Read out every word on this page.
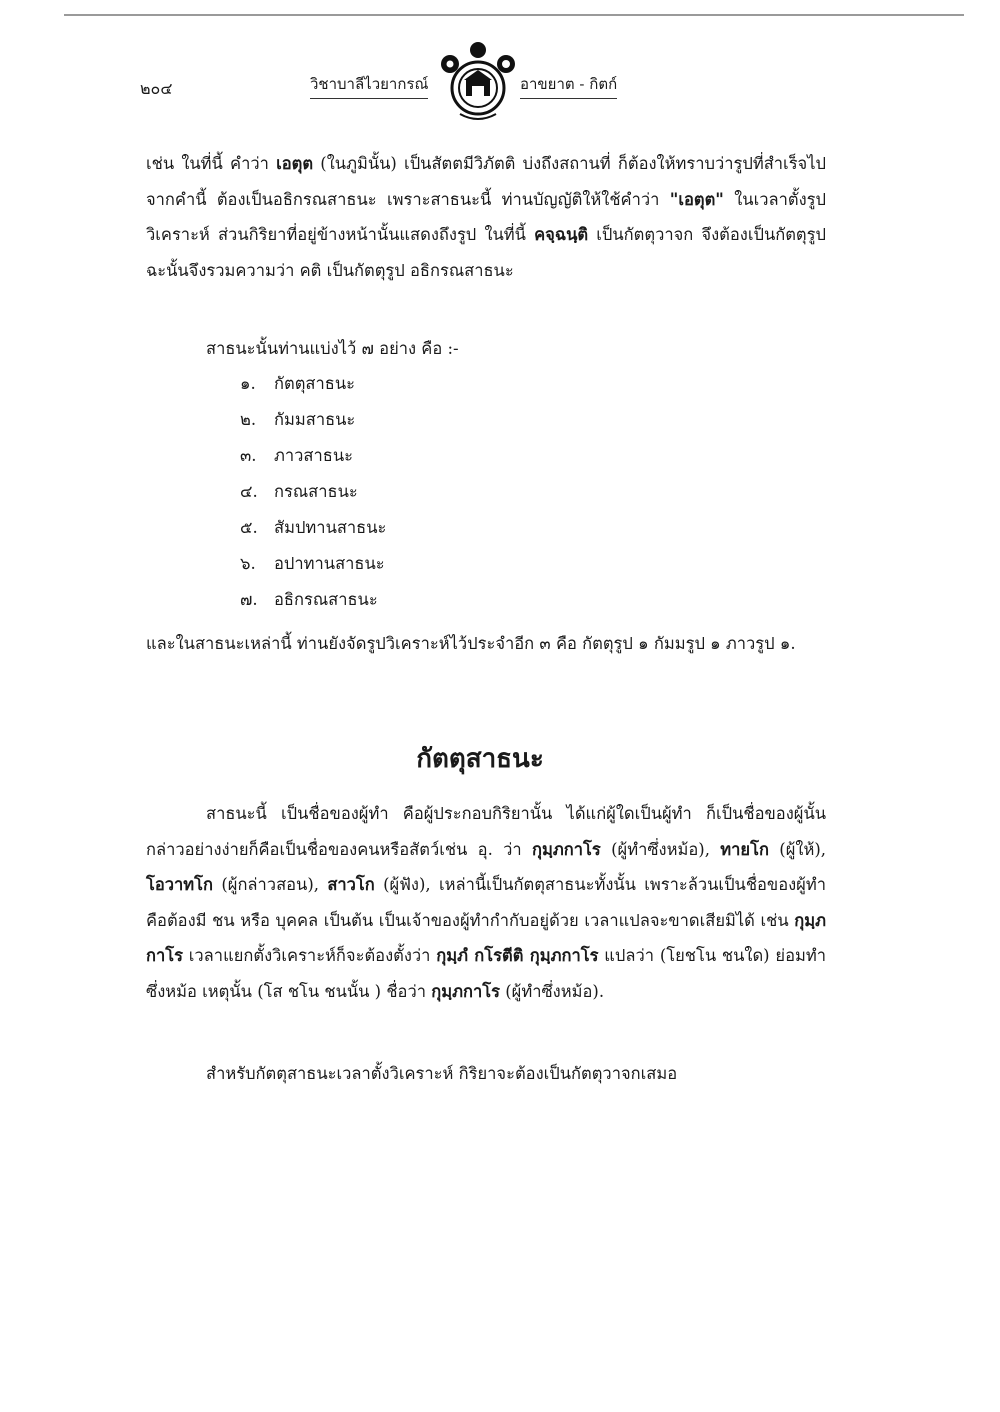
๒๐๔	วิชาบาลีไวยากรณ์	อาขยาต - กิตก์

เช่น ในที่นี้ คำว่า เอตุต (ในภูมินั้น) เป็นสัตตมีวิภัตติ บ่งถึงสถานที่ ก็ต้องให้ทราบว่ารูปที่สำเร็จไปจากคำนี้ ต้องเป็นอธิกรณสาธนะ เพราะสาธนะนี้ ท่านบัญญัติให้ใช้คำว่า "เอตุต" ในเวลาตั้งรูปวิเคราะห์ ส่วนกิริยาที่อยู่ข้างหน้านั้นแสดงถึงรูป ในที่นี้ คจฺฉนฺติ เป็นกัตตุวาจก จึงต้องเป็นกัตตุรูป ฉะนั้นจึงรวมความว่า คติ เป็นกัตตุรูป อธิกรณสาธนะ

สาธนะนั้นท่านแบ่งไว้ ๗ อย่าง คือ :-

๑. กัตตุสาธนะ
๒. กัมมสาธนะ
๓. ภาวสาธนะ
๔. กรณสาธนะ
๕. สัมปทานสาธนะ
๖. อปาทานสาธนะ
๗. อธิกรณสาธนะ

และในสาธนะเหล่านี้ ท่านยังจัดรูปวิเคราะห์ไว้ประจำอีก ๓ คือ กัตตุรูป ๑ กัมมรูป ๑ ภาวรูป ๑.

กัตตุสาธนะ

สาธนะนี้ เป็นชื่อของผู้ทำ คือผู้ประกอบกิริยานั้น ได้แก่ผู้ใดเป็นผู้ทำ ก็เป็นชื่อของผู้นั้น กล่าวอย่างง่ายก็คือเป็นชื่อของคนหรือสัตว์เช่น อุ. ว่า กุมฺภกาโร (ผู้ทำซึ่งหม้อ), ทายโก (ผู้ให้), โอวาทโก (ผู้กล่าวสอน), สาวโก (ผู้ฟัง), เหล่านี้เป็นกัตตุสาธนะทั้งนั้น เพราะล้วนเป็นชื่อของผู้ทำ คือต้องมี ชน หรือ บุคคล เป็นต้น เป็นเจ้าของผู้ทำกำกับอยู่ด้วย เวลาแปลจะขาดเสียมิได้ เช่น กุมฺภกาโร เวลาแยกตั้งวิเคราะห์ก็จะต้องตั้งว่า กุมฺภํ กโรตีติ กุมฺภกาโร แปลว่า (โยชโน ชนใด) ย่อมทำ ซึ่งหม้อ เหตุนั้น (โส ชโน ชนนั้น ) ชื่อว่า กุมฺภกาโร (ผู้ทำซึ่งหม้อ).

สำหรับกัตตุสาธนะเวลาตั้งวิเคราะห์ กิริยาจะต้องเป็นกัตตุวาจกเสมอ
